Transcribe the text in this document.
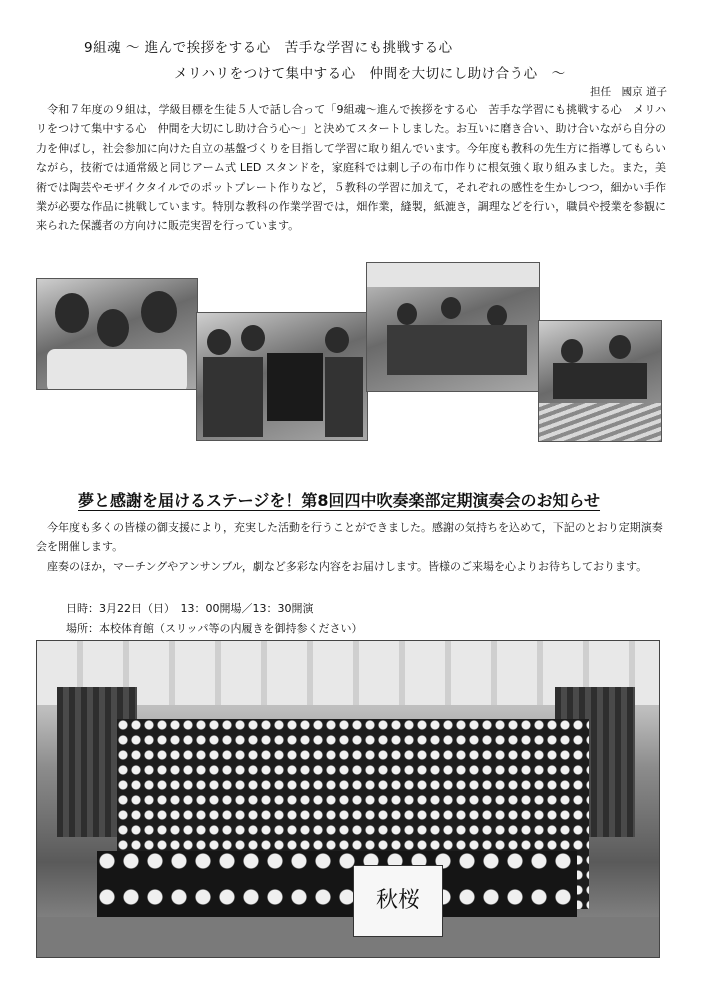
9組魂 ～ 進んで挨拶をする心　苦手な学習にも挑戦する心
メリハリをつけて集中する心　仲間を大切にし助け合う心　～
担任　國京 道子

　令和７年度の９組は，学級目標を生徒５人で話し合って「9組魂～進んで挨拶をする心　苦手な学習にも挑戦する心　メリハリをつけて集中する心　仲間を大切にし助け合う心～」と決めてスタートしました。お互いに磨き合い、助け合いながら自分の力を伸ばし，社会参加に向けた自立の基盤づくりを目指して学習に取り組んでいます。今年度も教科の先生方に指導してもらいながら，技術では通常級と同じアーム式 LED スタンドを，家庭科では刺し子の布巾作りに根気強く取り組みました。また，美術では陶芸やモザイクタイルでのポットプレート作りなど，５教科の学習に加えて，それぞれの感性を生かしつつ，細かい手作業が必要な作品に挑戦しています。特別な教科の作業学習では，畑作業，縫製，紙漉き，調理などを行い，職員や授業を参観に来られた保護者の方向けに販売実習を行っています。

夢と感謝を届けるステージを！第8回四中吹奏楽部定期演奏会のお知らせ
　今年度も多くの皆様の御支援により，充実した活動を行うことができました。感謝の気持ちを込めて，下記のとおり定期演奏会を開催します。
　座奏のほか，マーチングやアンサンブル，劇など多彩な内容をお届けします。皆様のご来場を心よりお待ちしております。
日時：3月22日（日）　13：00開場／13：30開演
場所：本校体育館（スリッパ等の内履きを御持参ください）
秋桜
